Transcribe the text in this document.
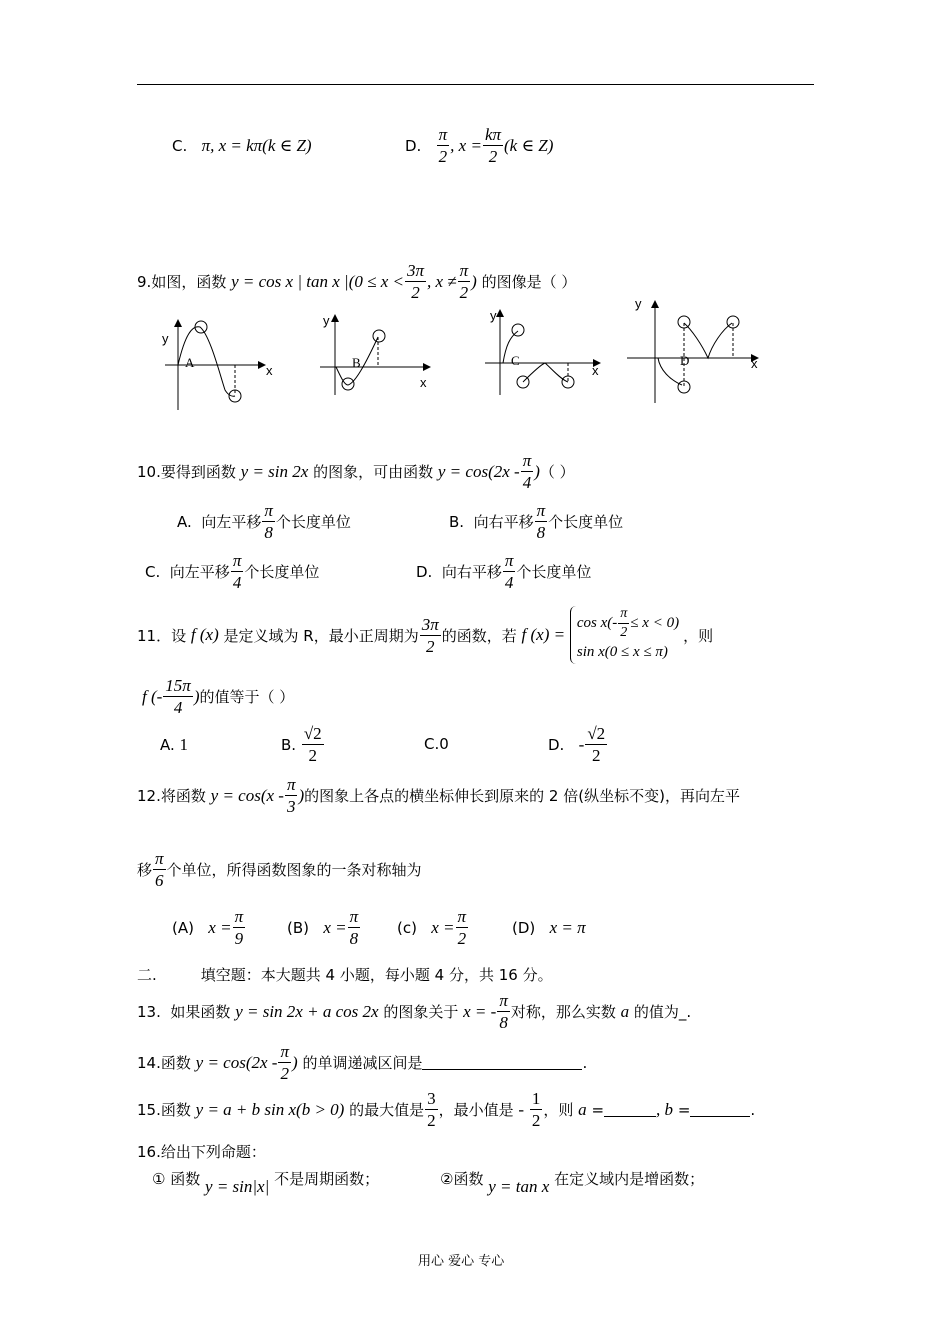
C.
π, x = kπ(k ∈ Z)	D.
$\frac{\pi}{2}$ , $x = \frac{k\pi}{2} (k$ ∈ Z)
9. 如图，函数
y = cos x | tan x $|(0 \le x < \frac{3\pi}{2}$ , $x \ne \frac{\pi}{2}$ )
的图像是（ ）
y
x
A
y
x
B
y
x
C
y
x
D
10. 要得到函数
y = sin 2x
的图象，可由函数
$y = \cos(2x - \frac{\pi}{4}$ ) （ ）
A.
向左平移 $\frac{\pi}{8}$ 个长度单位	B.
向右平移 $\frac{\pi}{8}$ 个长度单位
C.
向左平移 $\frac{\pi}{4}$ 个长度单位	D.
向右平移 $\frac{\pi}{4}$ 个长度单位
11． 设
f (x)
是定义域为 R，最小正周期为 $\frac{3\pi}{2}$ 的函数，若
f (x) =

$\cos x(- \frac{\pi}{2} \le x < 0)$
sin x(0 ≤ x ≤ π)
，则
f (- $\frac{15\pi}{4}$ ) 的值等于（ ）
A.
1	B.
$\frac{√2}{2}$	C. 0	D.
- $\frac{√2}{2}$
12. 将函数
$y = \cos(x - \frac{\pi}{3}$ ) 的图象上各点的横坐标伸长到原来的 2 倍(纵坐标不变)，再向左平
移 $\frac{\pi}{6}$ 个单位，所得函数图象的一条对称轴为
(A)
$x = \frac{\pi}{9}$	(B)
$x = \frac{\pi}{8} (c)$
$x = \frac{\pi}{2}$	(D)
x = π
二.	填空题：本大题共 4 小题，每小题 4 分，共 16 分。
13.
如果函数
y = sin 2x + a cos 2x
的图象关于
x = - $\frac{\pi}{8}$ 对称，那么实数
a
的值为_.
14. 函数
$y = \cos(2x - \frac{\pi}{2}$ )
的单调递减区间是	.
15. 函数
y = a + b sin x(b > 0)
的最大值是 $\frac{3}{2}$ ，最小值是
-
$\frac{1}{2}$ ，则
a
=	, b
=	.
16. 给出下列命题：
①
函数
y = sin|x|
不是周期函数；	② 函数
y = tan x
在定义域内是增函数；
用心 爱心 专心
